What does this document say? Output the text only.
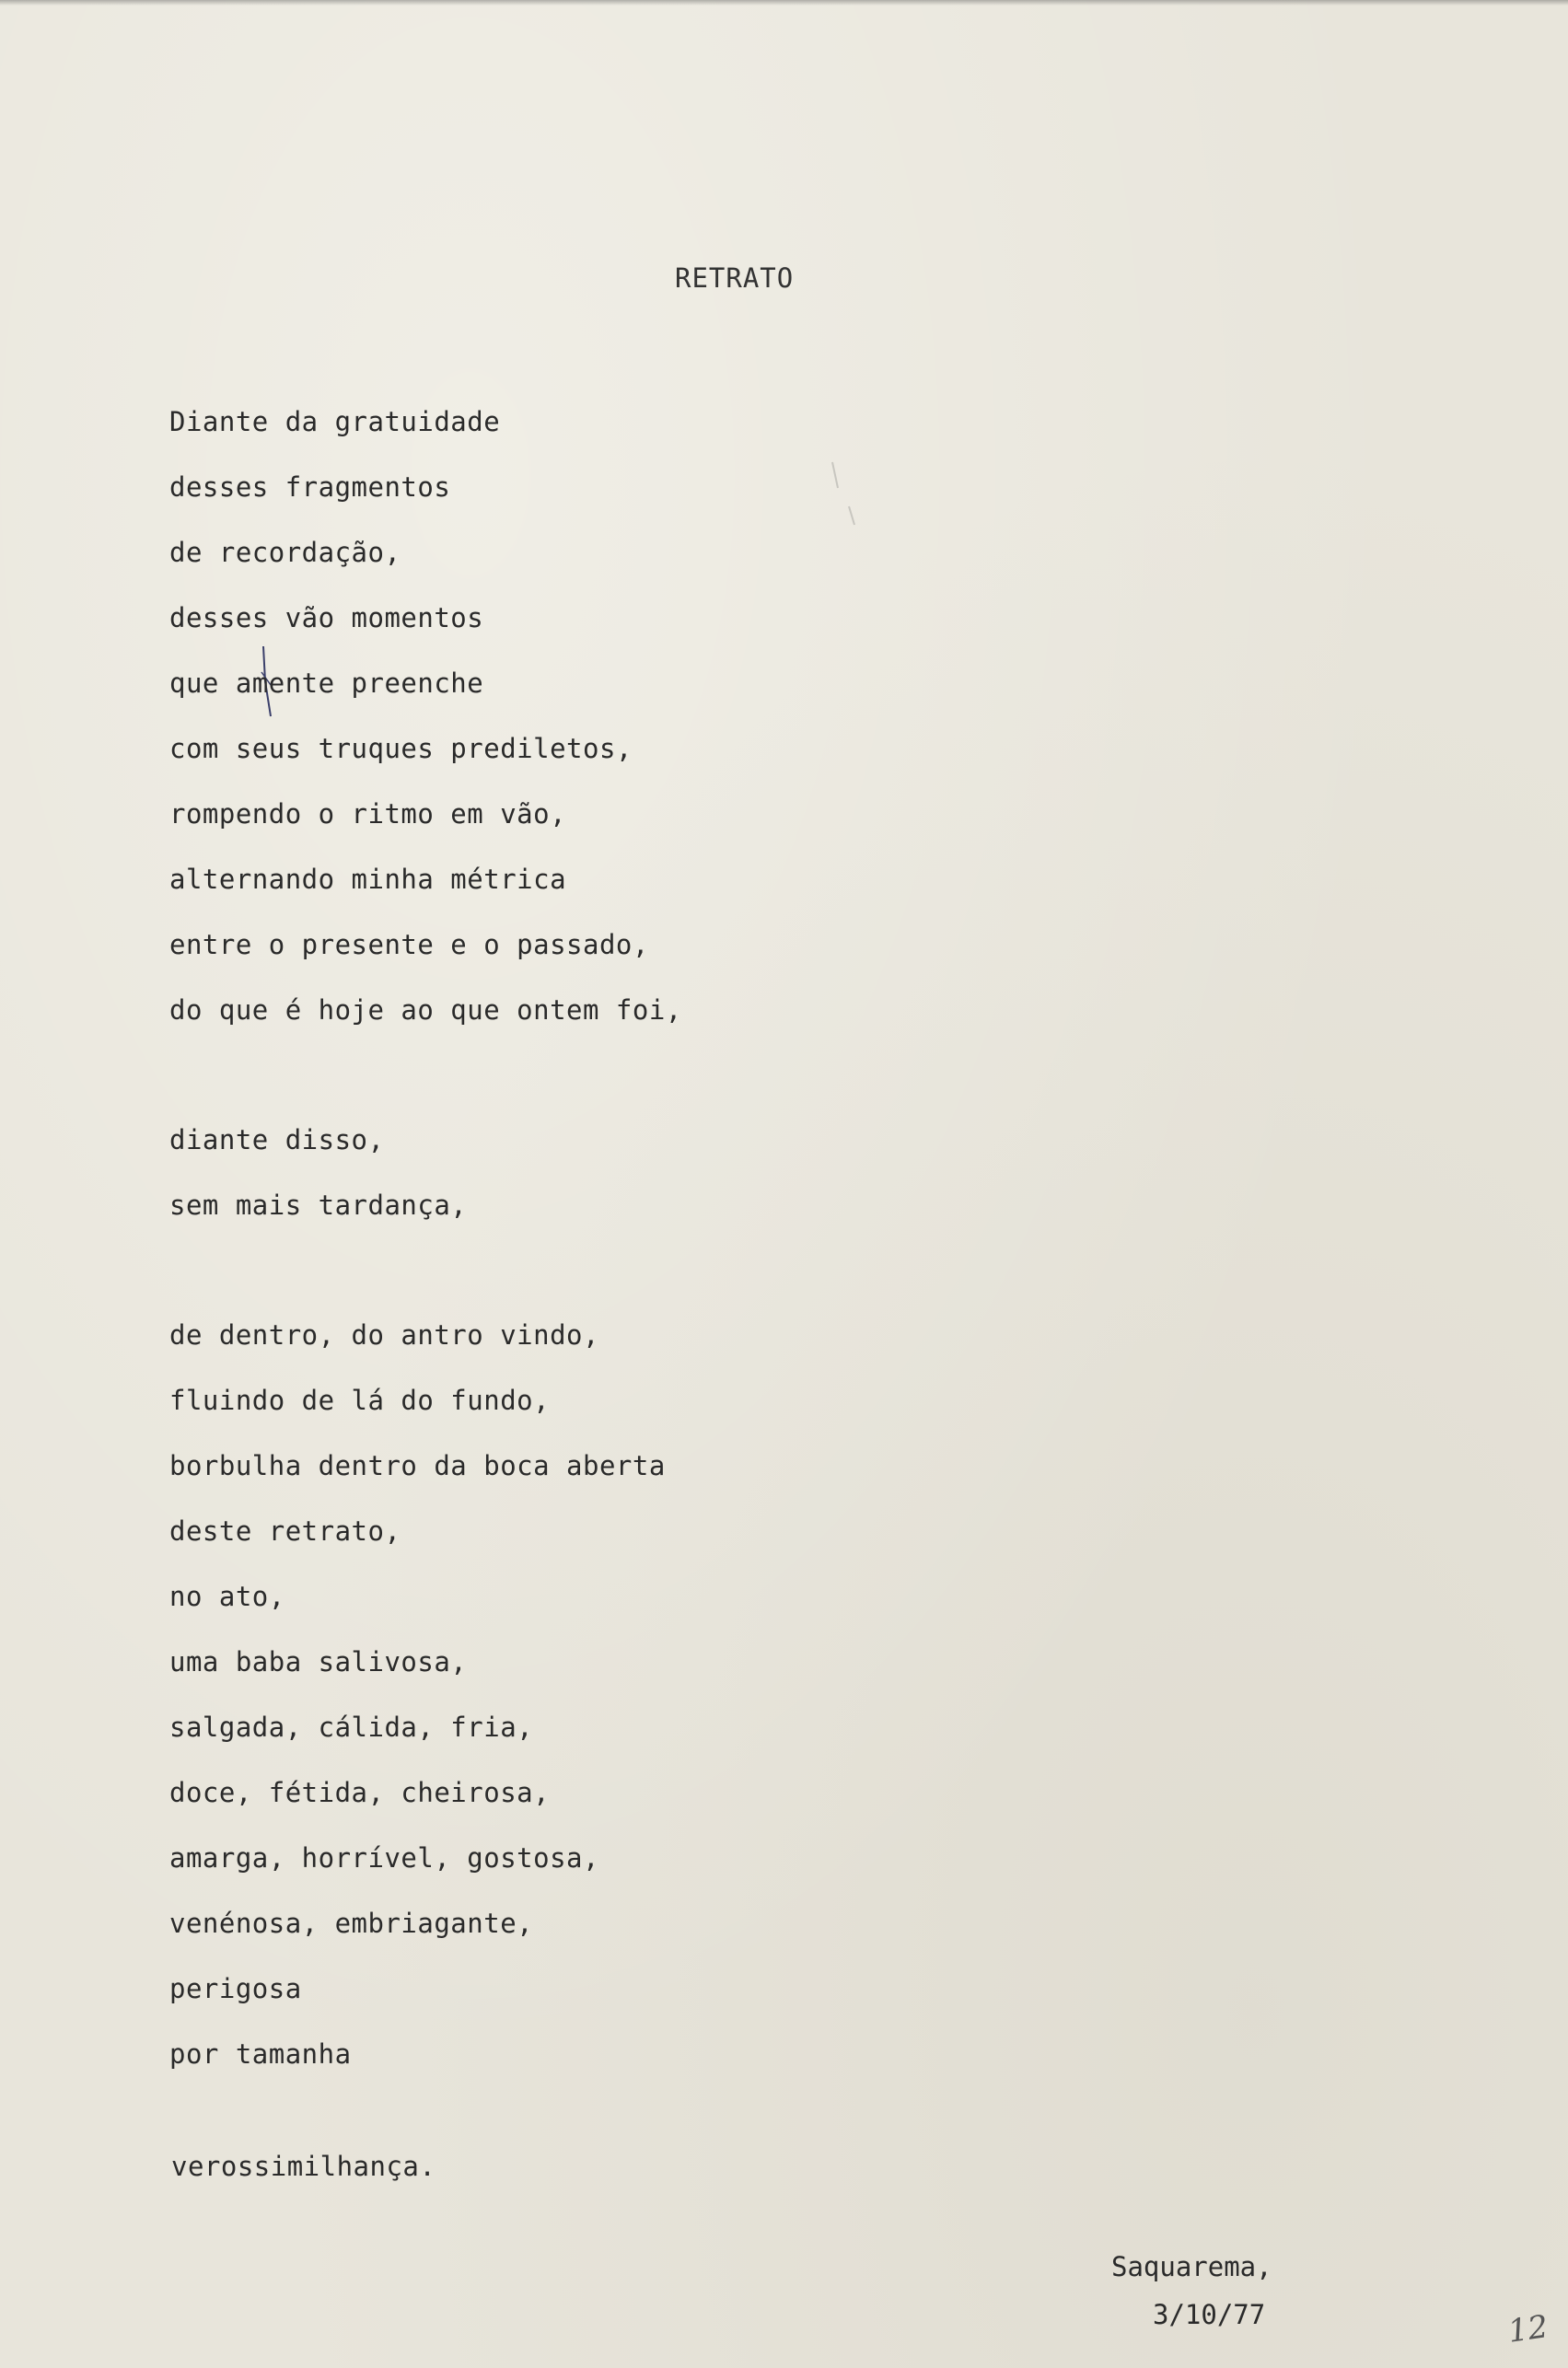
RETRATO
Diante da gratuidade
desses fragmentos
de recordação,
desses vão momentos
que amente preenche
com seus truques prediletos,
rompendo o ritmo em vão,
alternando minha métrica
entre o presente e o passado,
do que é hoje ao que ontem foi,
diante disso,
sem mais tardança,
de dentro, do antro vindo,
fluindo de lá do fundo,
borbulha dentro da boca aberta
deste retrato,
no ato,
uma baba salivosa,
salgada, cálida, fria,
doce, fétida, cheirosa,
amarga, horrível, gostosa,
venénosa, embriagante,
perigosa
por tamanha
verossimilhança.
Saquarema,
3/10/77	12
